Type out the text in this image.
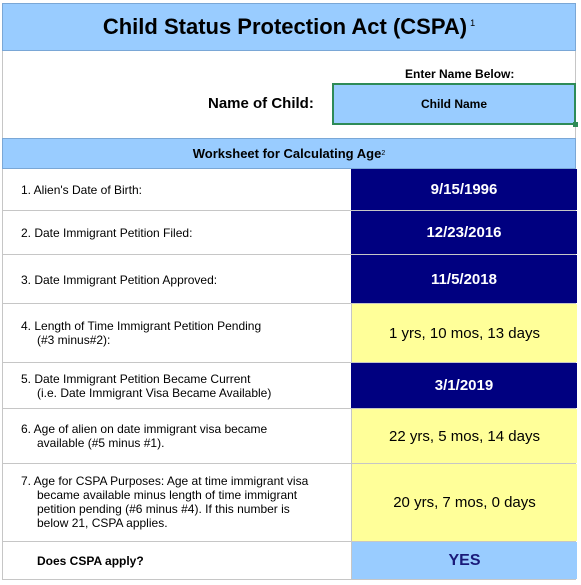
Child Status Protection Act (CSPA) $^1$
Enter Name Below:
Name of Child:	Child Name
Worksheet for Calculating Age 2
1. Alien's Date of Birth:	9/15/1996
2. Date Immigrant Petition Filed:	12/23/2016
3. Date Immigrant Petition Approved:	11/5/2018
4. Length of Time Immigrant Petition Pending
(#3 minus#2):	1 yrs, 10 mos, 13 days
5. Date Immigrant Petition Became Current
(i.e. Date Immigrant Visa Became Available)	3/1/2019
6. Age of alien on date immigrant visa became
available (#5 minus #1).	22 yrs, 5 mos, 14 days
7. Age for CSPA Purposes: Age at time immigrant visa
became available minus length of time immigrant
petition pending (#6 minus #4). If this number is
below 21, CSPA applies.
20 yrs, 7 mos, 0 days
Does CSPA apply?	YES
